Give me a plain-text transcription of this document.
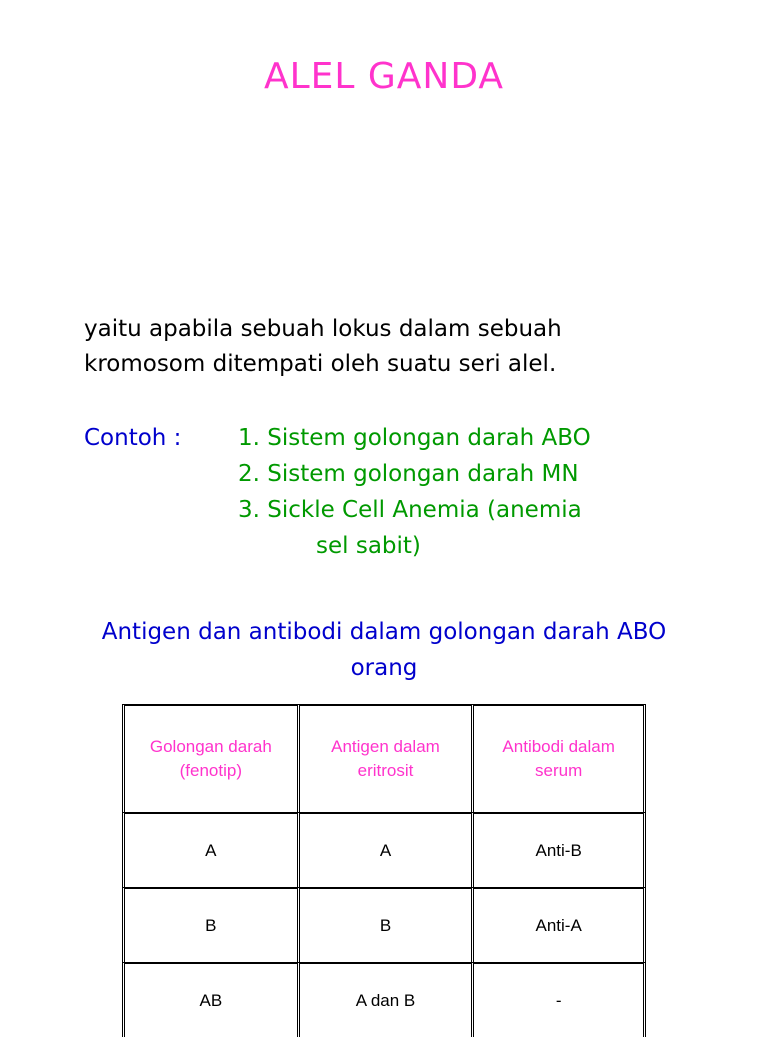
ALEL GANDA
yaitu apabila sebuah lokus dalam sebuah
kromosom ditempati oleh suatu seri alel.
Contoh : 1. Sistem golongan darah ABO
2. Sistem golongan darah MN
3. Sickle Cell Anemia (anemia
sel sabit)
Antigen dan antibodi dalam golongan darah ABO
orang
Golongan darah (fenotip)	Antigen dalam eritrosit	Antibodi dalam serum
A	A	Anti-B
B	B	Anti-A
AB	A dan B	-
